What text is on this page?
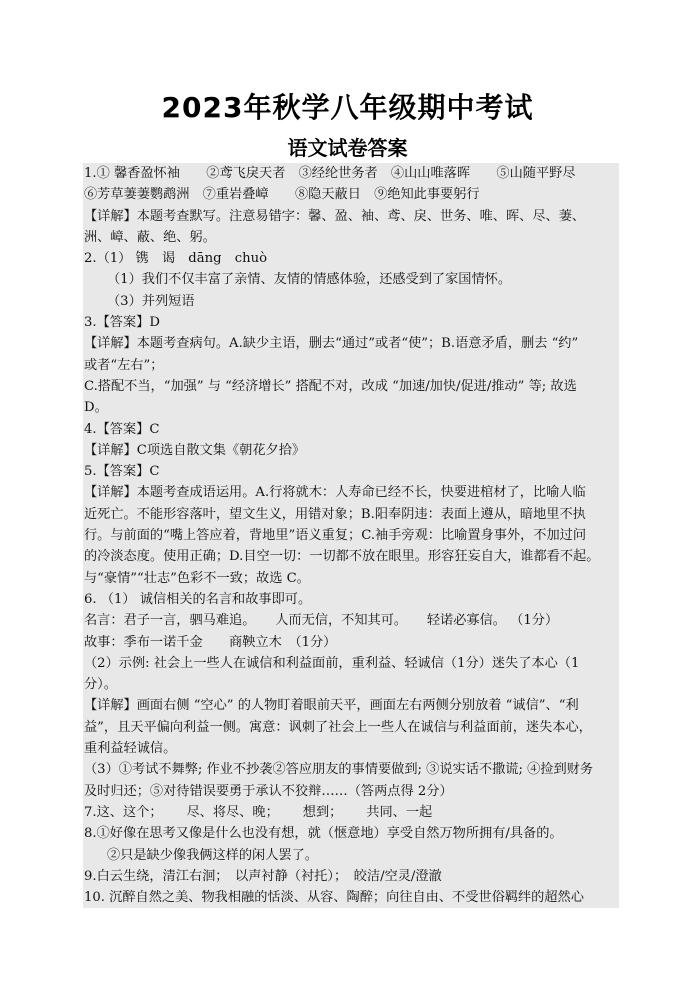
2023年秋学八年级期中考试
语文试卷答案
1.① 馨香盈怀袖　　②鸢飞戾天者　③经纶世务者　④山山唯落晖　　⑤山随平野尽
⑥芳草萋萋鹦鹉洲　⑦重岩叠嶂　　⑧隐天蔽日　⑨绝知此事要躬行
【详解】本题考查默写。注意易错字：馨、盈、袖、鸢、戾、世务、唯、晖、尽、萋、
洲、嶂、蔽、绝、躬。
2.（1） 镌　谒　dāng　chuò
（1）我们不仅丰富了亲情、友情的情感体验，还感受到了家国情怀。
（3）并列短语
3.【答案】D
【详解】本题考查病句。A.缺少主语，删去“通过”或者“使”；B.语意矛盾，删去 “约”
或者“左右”；
C.搭配不当，“加强” 与 “经济增长” 搭配不对，改成 “加速/加快/促进/推动” 等; 故选
D。
4.【答案】C
【详解】C项选自散文集《朝花夕拾》
5.【答案】C
【详解】本题考查成语运用。A.行将就木：人寿命已经不长，快要进棺材了，比喻人临
近死亡。不能形容落叶，望文生义，用错对象；B.阳奉阴违：表面上遵从，暗地里不执
行。与前面的“嘴上答应着，背地里”语义重复；C.袖手旁观：比喻置身事外，不加过问
的冷淡态度。使用正确；D.目空一切：一切都不放在眼里。形容狂妄自大，谁都看不起。
与“豪情”“壮志”色彩不一致；故选 C。
6. （1） 诚信相关的名言和故事即可。
名言：君子一言，驷马难追。　　人而无信，不知其可。　　轻诺必寡信。 （1分）
故事：季布一诺千金　　商鞅立木　（1分）
（2）示例: 社会上一些人在诚信和利益面前，重利益、轻诚信（1分）迷失了本心（1
分）。
【详解】画面右侧 “空心” 的人物盯着眼前天平，画面左右两侧分别放着 “诚信”、“利
益”，且天平偏向利益一侧。寓意：讽刺了社会上一些人在诚信与利益面前，迷失本心，
重利益轻诚信。
（3）①考试不舞弊; 作业不抄袭②答应朋友的事情要做到; ③说实话不撒谎; ④捡到财务
及时归还；⑤对待错误要勇于承认不狡辩……（答两点得 2分）
7.这、这个；　　 尽、将尽、晚；　　 想到；　　 共同、一起
8.①好像在思考又像是什么也没有想，就（惬意地）享受自然万物所拥有/具备的。
②只是缺少像我俩这样的闲人罢了。
9.白云生绕，清江右洄；　以声衬静（衬托）；　皎洁/空灵/澄澈
10. 沉醉自然之美、物我相融的恬淡、从容、陶醉；向往自由、不受世俗羁绊的超然心
